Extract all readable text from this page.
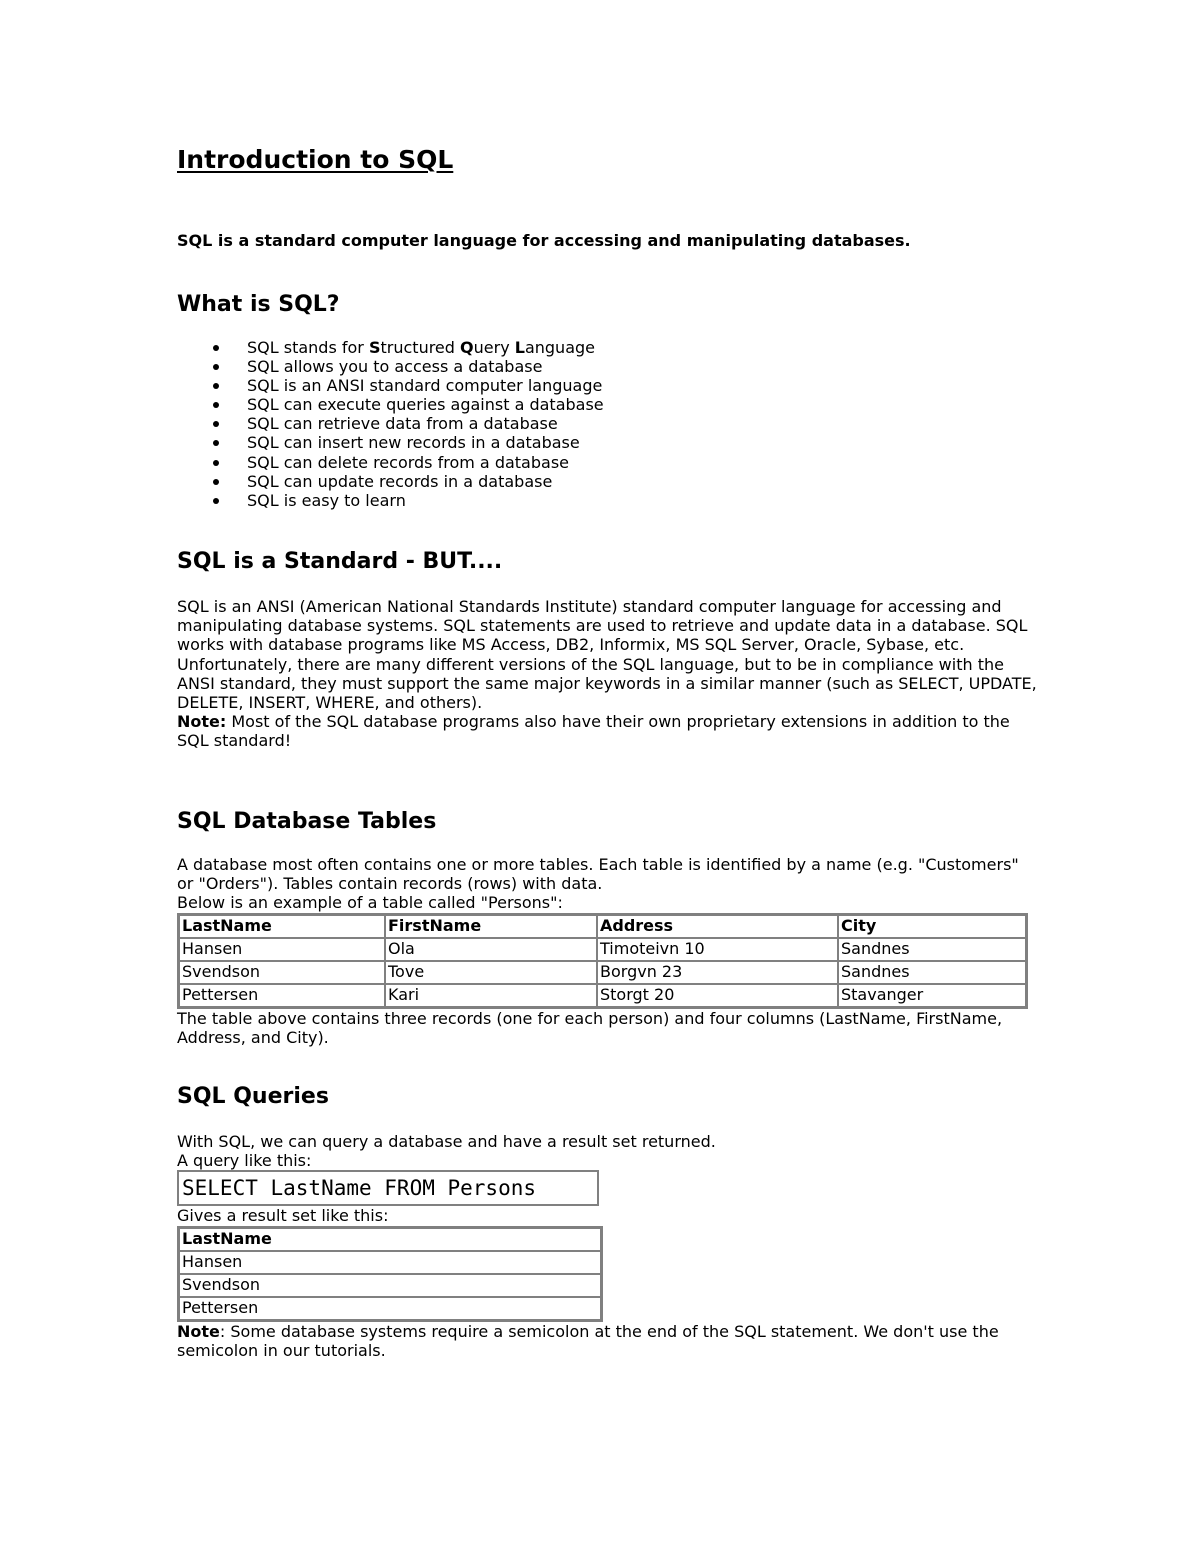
Introduction to SQL

SQL is a standard computer language for accessing and manipulating databases.

What is SQL?
SQL stands for Structured Query Language
SQL allows you to access a database
SQL is an ANSI standard computer language
SQL can execute queries against a database
SQL can retrieve data from a database
SQL can insert new records in a database
SQL can delete records from a database
SQL can update records in a database
SQL is easy to learn
SQL is a Standard - BUT....

SQL is an ANSI (American National Standards Institute) standard computer language for accessing and manipulating database systems. SQL statements are used to retrieve and update data in a database. SQL works with database programs like MS Access, DB2, Informix, MS SQL Server, Oracle, Sybase, etc.

Unfortunately, there are many different versions of the SQL language, but to be in compliance with the ANSI standard, they must support the same major keywords in a similar manner (such as SELECT, UPDATE, DELETE, INSERT, WHERE, and others).

Note: Most of the SQL database programs also have their own proprietary extensions in addition to the SQL standard!

SQL Database Tables

A database most often contains one or more tables. Each table is identified by a name (e.g. "Customers" or "Orders"). Tables contain records (rows) with data.

Below is an example of a table called "Persons":

LastName	FirstName	Address	City
Hansen	Ola	Timoteivn 10	Sandnes
Svendson	Tove	Borgvn 23	Sandnes
Pettersen	Kari	Storgt 20	Stavanger

The table above contains three records (one for each person) and four columns (LastName, FirstName, Address, and City).

SQL Queries

With SQL, we can query a database and have a result set returned.

A query like this:

SELECT LastName FROM Persons

Gives a result set like this:

LastName
Hansen
Svendson
Pettersen

Note: Some database systems require a semicolon at the end of the SQL statement. We don't use the semicolon in our tutorials.
